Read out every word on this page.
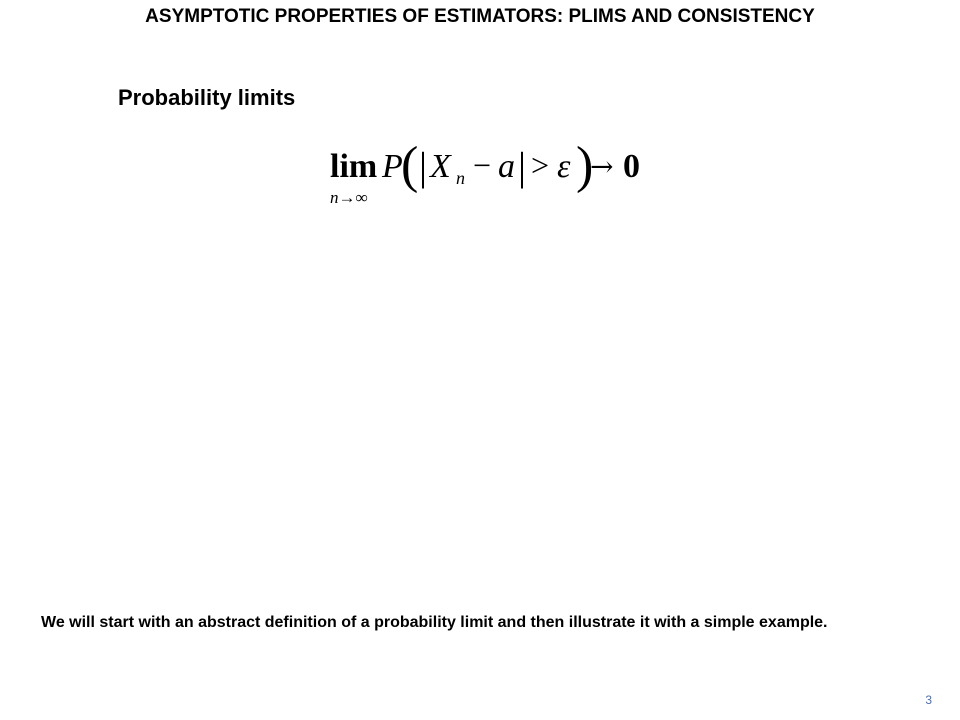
ASYMPTOTIC PROPERTIES OF ESTIMATORS: PLIMS AND CONSISTENCY
Probability limits
lim
n→∞
P
( | X n − a | > ε )
→ 0
We will start with an abstract definition of a probability limit and then illustrate it with a simple example.
3
